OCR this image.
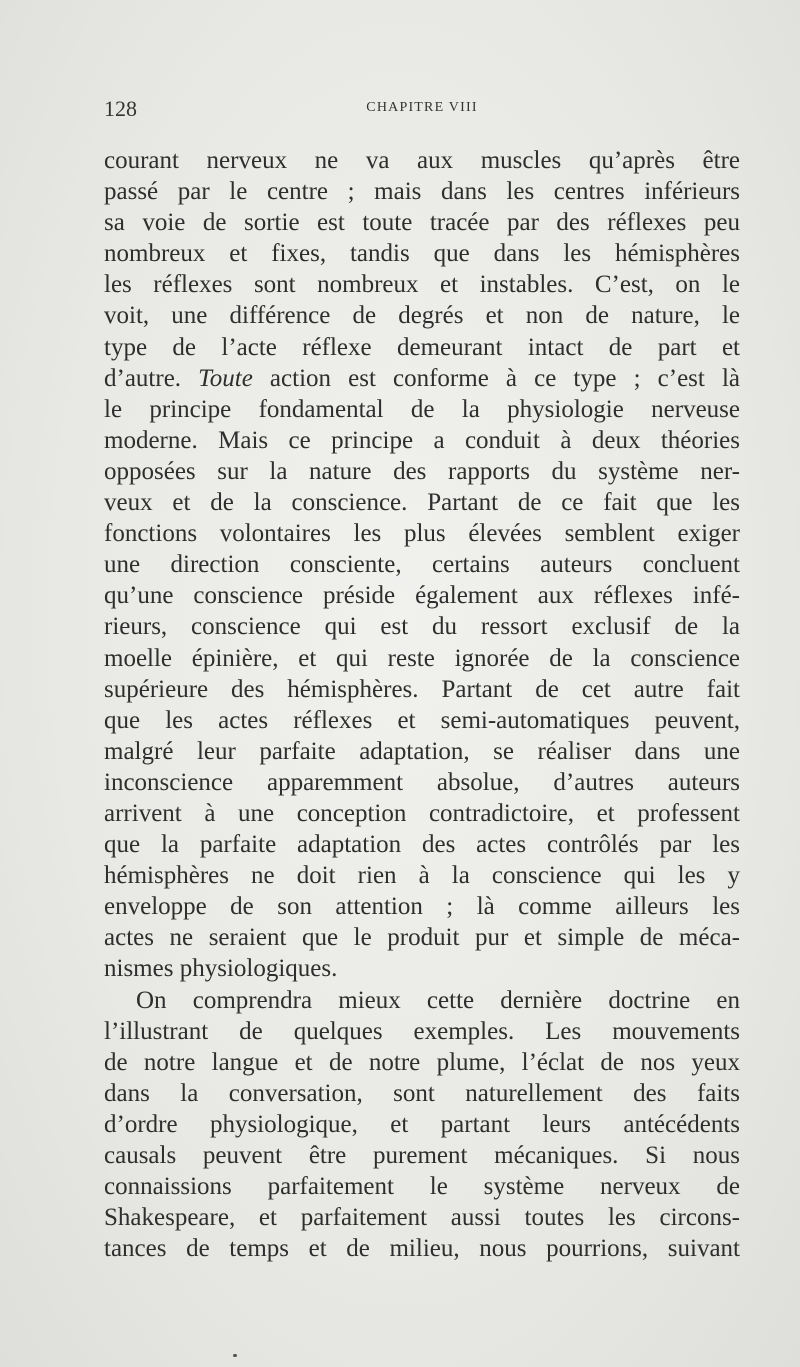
128	CHAPITRE VIII

courant nerveux ne va aux muscles qu’après être
passé par le centre ; mais dans les centres inférieurs
sa voie de sortie est toute tracée par des réflexes peu
nombreux et fixes, tandis que dans les hémisphères
les réflexes sont nombreux et instables. C’est, on le
voit, une différence de degrés et non de nature, le
type de l’acte réflexe demeurant intact de part et
d’autre. Toute action est conforme à ce type ; c’est là
le principe fondamental de la physiologie nerveuse
moderne. Mais ce principe a conduit à deux théories
opposées sur la nature des rapports du système ner-
veux et de la conscience. Partant de ce fait que les
fonctions volontaires les plus élevées semblent exiger
une direction consciente, certains auteurs concluent
qu’une conscience préside également aux réflexes infé-
rieurs, conscience qui est du ressort exclusif de la
moelle épinière, et qui reste ignorée de la conscience
supérieure des hémisphères. Partant de cet autre fait
que les actes réflexes et semi-automatiques peuvent,
malgré leur parfaite adaptation, se réaliser dans une
inconscience apparemment absolue, d’autres auteurs
arrivent à une conception contradictoire, et professent
que la parfaite adaptation des actes contrôlés par les
hémisphères ne doit rien à la conscience qui les y
enveloppe de son attention ; là comme ailleurs les
actes ne seraient que le produit pur et simple de méca-
nismes physiologiques.

On comprendra mieux cette dernière doctrine en
l’illustrant de quelques exemples. Les mouvements
de notre langue et de notre plume, l’éclat de nos yeux
dans la conversation, sont naturellement des faits
d’ordre physiologique, et partant leurs antécédents
causals peuvent être purement mécaniques. Si nous
connaissions parfaitement le système nerveux de
Shakespeare, et parfaitement aussi toutes les circons-
tances de temps et de milieu, nous pourrions, suivant
